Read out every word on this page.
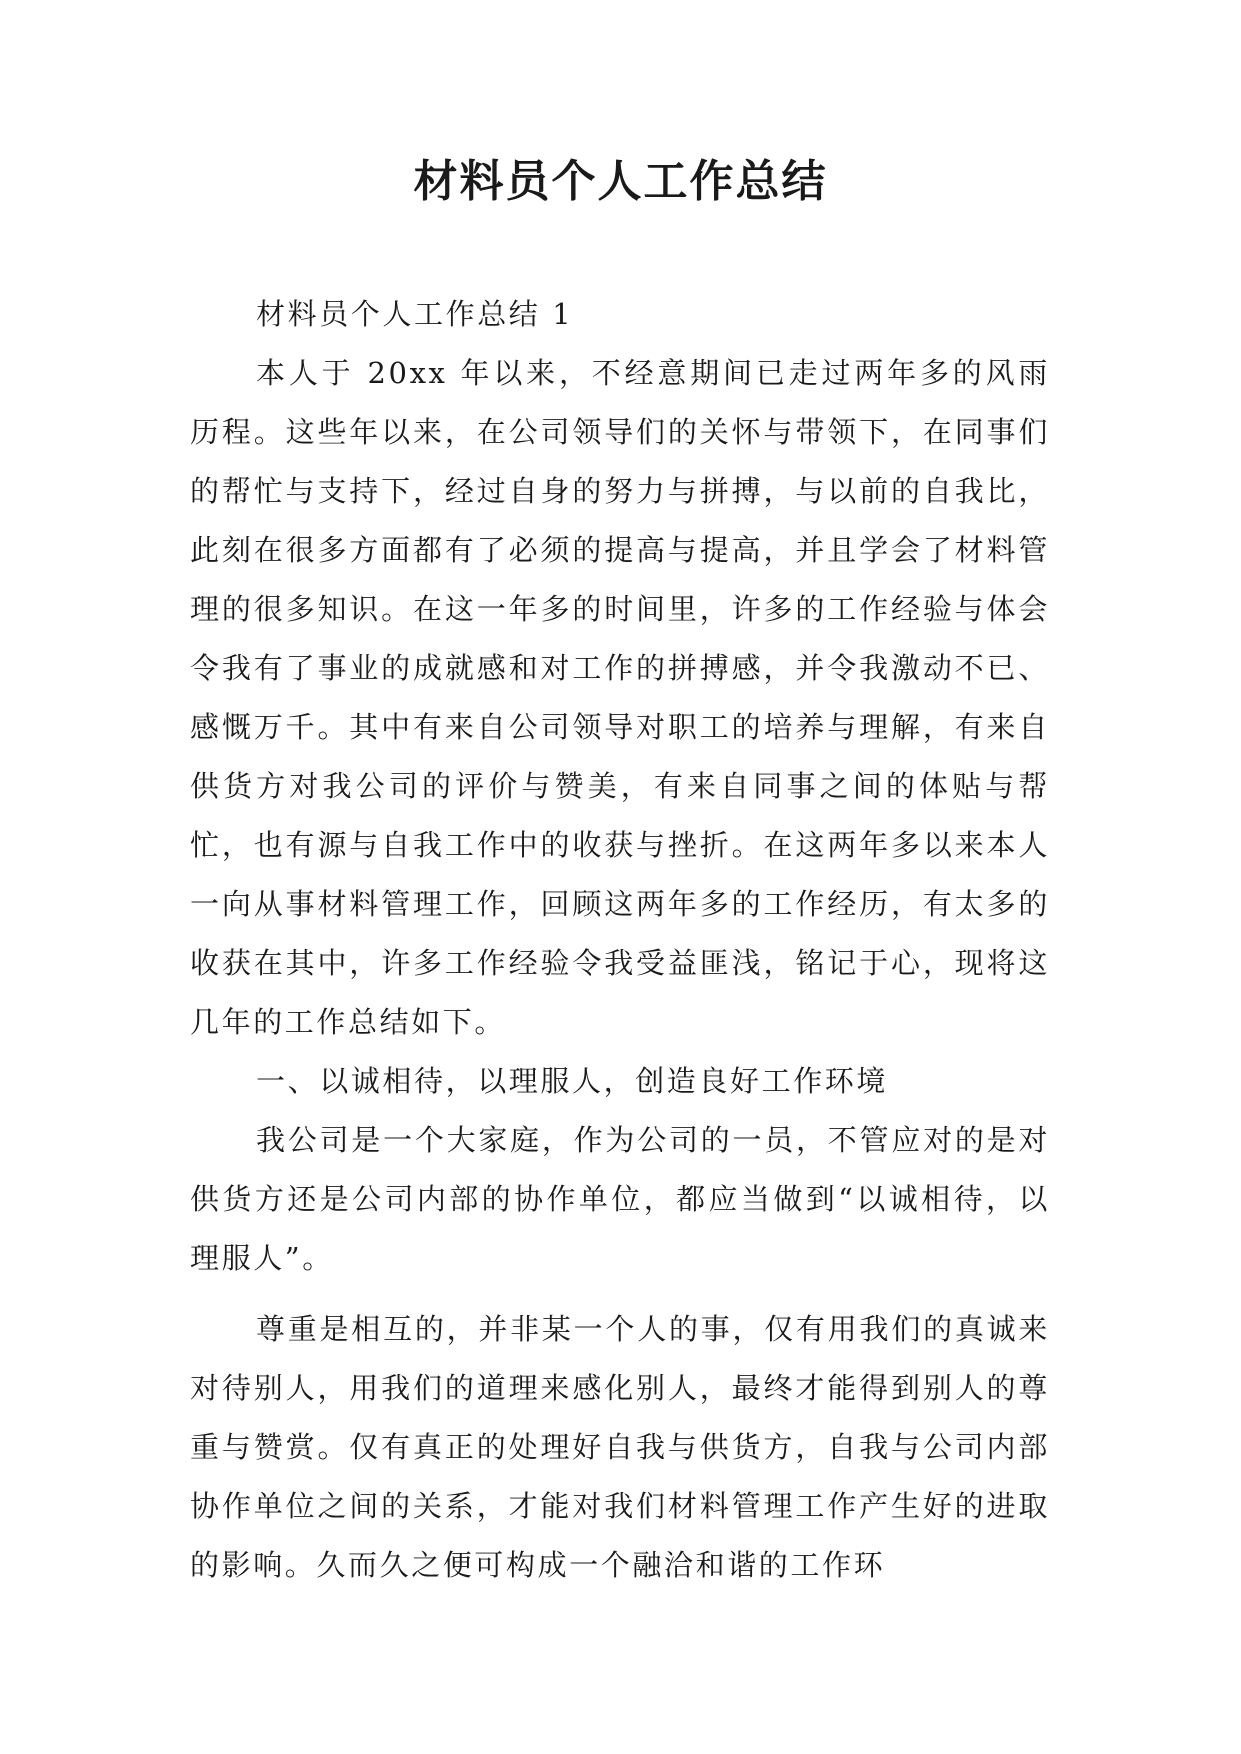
材料员个人工作总结

材料员个人工作总结 1

本人于 20xx 年以来，不经意期间已走过两年多的风雨历程。这些年以来，在公司领导们的关怀与带领下，在同事们的帮忙与支持下，经过自身的努力与拼搏，与以前的自我比，此刻在很多方面都有了必须的提高与提高，并且学会了材料管理的很多知识。在这一年多的时间里，许多的工作经验与体会令我有了事业的成就感和对工作的拼搏感，并令我激动不已、感慨万千。其中有来自公司领导对职工的培养与理解，有来自供货方对我公司的评价与赞美，有来自同事之间的体贴与帮忙，也有源与自我工作中的收获与挫折。在这两年多以来本人一向从事材料管理工作，回顾这两年多的工作经历，有太多的收获在其中，许多工作经验令我受益匪浅，铭记于心，现将这几年的工作总结如下。

一、以诚相待，以理服人，创造良好工作环境

我公司是一个大家庭，作为公司的一员，不管应对的是对供货方还是公司内部的协作单位，都应当做到“以诚相待，以理服人”。

尊重是相互的，并非某一个人的事，仅有用我们的真诚来对待别人，用我们的道理来感化别人，最终才能得到别人的尊重与赞赏。仅有真正的处理好自我与供货方，自我与公司内部协作单位之间的关系，才能对我们材料管理工作产生好的进取的影响。久而久之便可构成一个融洽和谐的工作环
